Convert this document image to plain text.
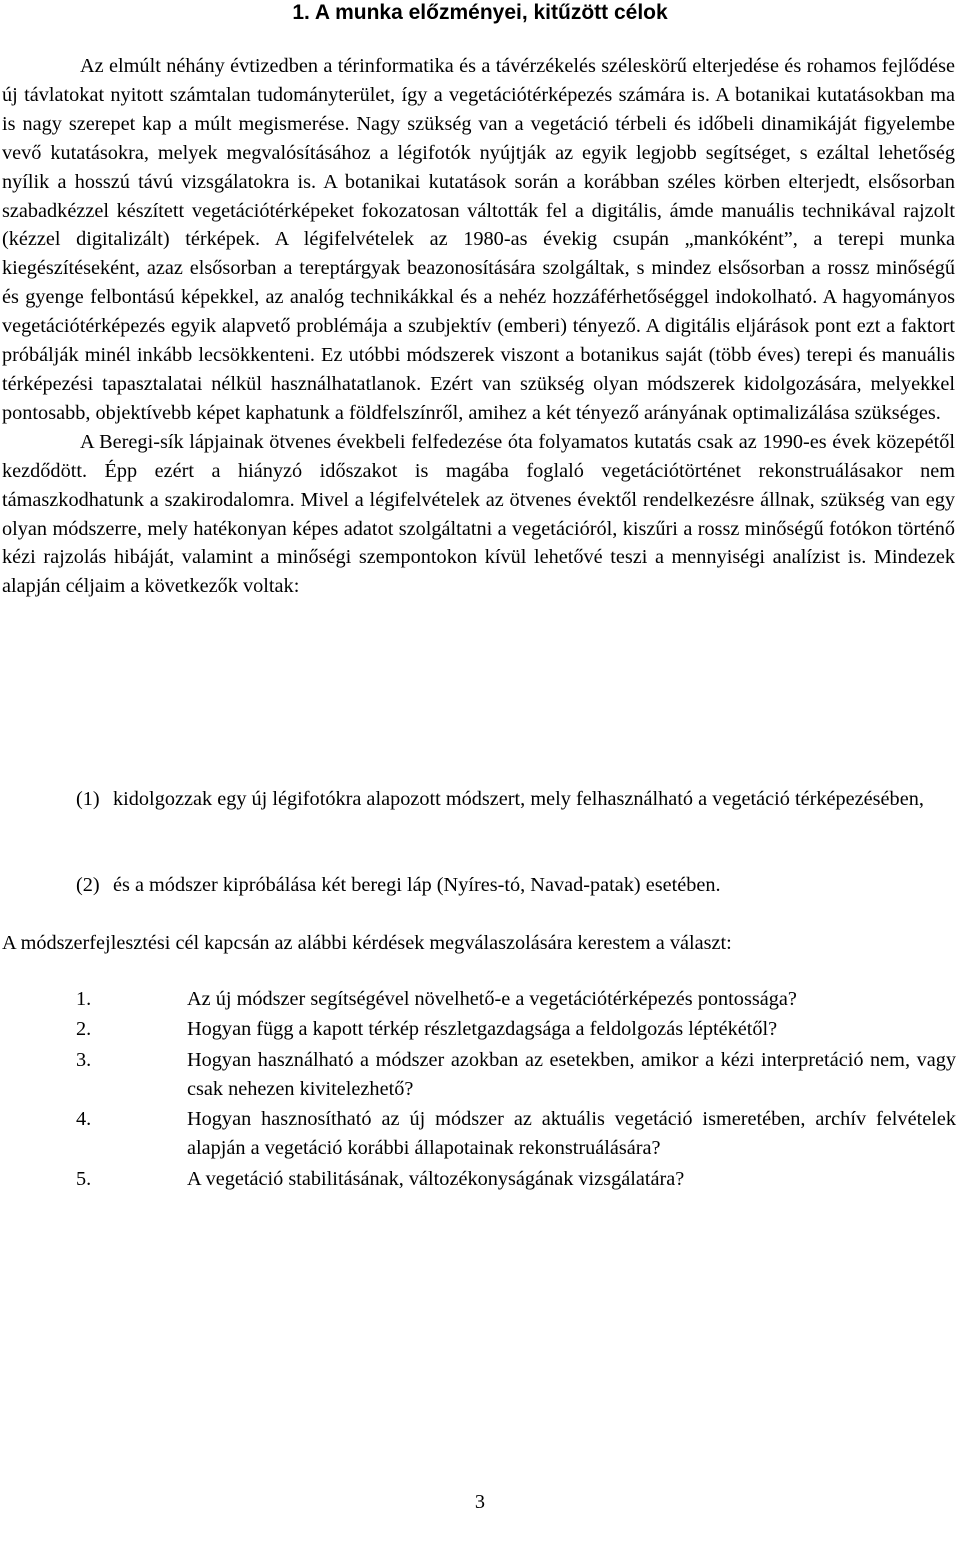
1. A munka előzményei, kitűzött célok

Az elmúlt néhány évtizedben a térinformatika és a távérzékelés széleskörű elterjedése és rohamos fejlődése új távlatokat nyitott számtalan tudományterület, így a vegetációtérképezés számára is. A botanikai kutatásokban ma is nagy szerepet kap a múlt megismerése. Nagy szükség van a vegetáció térbeli és időbeli dinamikáját figyelembe vevő kutatásokra, melyek megvalósításához a légifotók nyújtják az egyik legjobb segítséget, s ezáltal lehetőség nyílik a hosszú távú vizsgálatokra is. A botanikai kutatások során a korábban széles körben elterjedt, elsősorban szabadkézzel készített vegetációtérképeket fokozatosan váltották fel a digitális, ámde manuális technikával rajzolt (kézzel digitalizált) térképek. A légifelvételek az 1980-as évekig csupán „mankóként”, a terepi munka kiegészítéseként, azaz elsősorban a tereptárgyak beazonosítására szolgáltak, s mindez elsősorban a rossz minőségű és gyenge felbontású képekkel, az analóg technikákkal és a nehéz hozzáférhetőséggel indokolható. A hagyományos vegetációtérképezés egyik alapvető problémája a szubjektív (emberi) tényező. A digitális eljárások pont ezt a faktort próbálják minél inkább lecsökkenteni. Ez utóbbi módszerek viszont a botanikus saját (több éves) terepi és manuális térképezési tapasztalatai nélkül használhatatlanok. Ezért van szükség olyan módszerek kidolgozására, melyekkel pontosabb, objektívebb képet kaphatunk a földfelszínről, amihez a két tényező arányának optimalizálása szükséges.

A Beregi-sík lápjainak ötvenes évekbeli felfedezése óta folyamatos kutatás csak az 1990-es évek közepétől kezdődött. Épp ezért a hiányzó időszakot is magába foglaló vegetációtörténet rekonstruálásakor nem támaszkodhatunk a szakirodalomra. Mivel a légifelvételek az ötvenes évektől rendelkezésre állnak, szükség van egy olyan módszerre, mely hatékonyan képes adatot szolgáltatni a vegetációról, kiszűri a rossz minőségű fotókon történő kézi rajzolás hibáját, valamint a minőségi szempontokon kívül lehetővé teszi a mennyiségi analízist is. Mindezek alapján céljaim a következők voltak:

(1) kidolgozzak egy új légifotókra alapozott módszert, mely felhasználható a vegetáció térképezésében,
(2) és a módszer kipróbálása két beregi láp (Nyíres-tó, Navad-patak) esetében.
A módszerfejlesztési cél kapcsán az alábbi kérdések megválaszolására kerestem a választ:
1.	Az új módszer segítségével növelhető-e a vegetációtérképezés pontossága?
2.	Hogyan függ a kapott térkép részletgazdagsága a feldolgozás léptékétől?
3.	Hogyan használható a módszer azokban az esetekben, amikor a kézi interpretáció nem, vagy csak nehezen kivitelezhető?
4.	Hogyan hasznosítható az új módszer az aktuális vegetáció ismeretében, archív felvételek alapján a vegetáció korábbi állapotainak rekonstruálására?
5.	A vegetáció stabilitásának, változékonyságának vizsgálatára?
3
